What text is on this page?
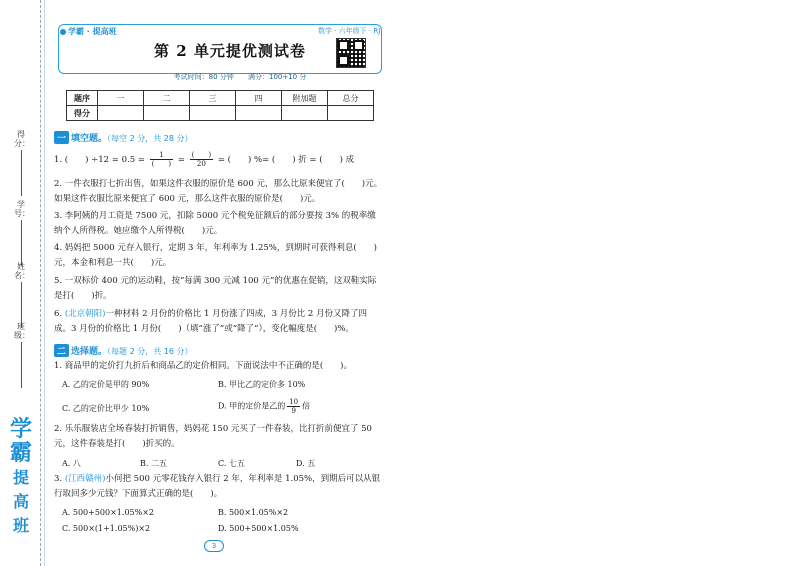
得分：
学号：
姓名：
班级：
学
霸
提
高
班
学霸 · 提高班	数学 · 六年级下 · RJ
第 2 单元提优测试卷
考试时间：80 分钟 满分：100+10 分
题序	一	二	三	四	附加题	总分
得分						
一 填空题。（每空 2 分，共 28 分）
1. (　　) $\div 12 = 0.5 = \frac{1}{( )} = \frac{( )}{20}$ = (　　) %= (　　) 折 = (　　) 成
2. 一件衣服打七折出售，如果这件衣服的原价是 600 元，那么比原来便宜了(　　)元。如果这件衣服比原来便宜了 600 元，那么这件衣服的原价是(　　)元。
3. 李阿姨的月工资是 7500 元，扣除 5000 元个税免征额后的部分要按 3% 的税率缴纳个人所得税。她应缴个人所得税(　　)元。
4. 妈妈把 5000 元存入银行，定期 3 年，年利率为 1.25%，到期时可获得利息(　　)元，本金和利息一共(　　)元。
5. 一双标价 400 元的运动鞋，按“每满 300 元减 100 元”的优惠在促销，这双鞋实际是打(　　)折。
6. (北京朝阳)一种材料 2 月份的价格比 1 月份涨了四成，3 月份比 2 月份又降了四成。3 月份的价格比 1 月份(　　)（填“涨了”或“降了”），变化幅度是(　　)%。
二 选择题。（每题 2 分，共 16 分）
1. 商品甲的定价打九折后和商品乙的定价相同。下面说法中不正确的是(　　)。
A. 乙的定价是甲的 90%	B. 甲比乙的定价多 10%
C. 乙的定价比甲少 10%	D. 甲的定价是乙的 $\frac{10}{9}$ 倍
2. 乐乐服装店全场春装打折销售，妈妈花 150 元买了一件春装，比打折前便宜了 50 元，这件春装是打(　　)折买的。
A. 八	B. 二五	C. 七五	D. 五
3. (江西赣州)小何把 500 元零花钱存入银行 2 年，年利率是 1.05%，到期后可以从银行取回多少元钱？下面算式正确的是(　　)。
A. 500+500×1.05%×2	B. 500×1.05%×2
C. 500×(1+1.05%)×2	D. 500+500×1.05%
3
